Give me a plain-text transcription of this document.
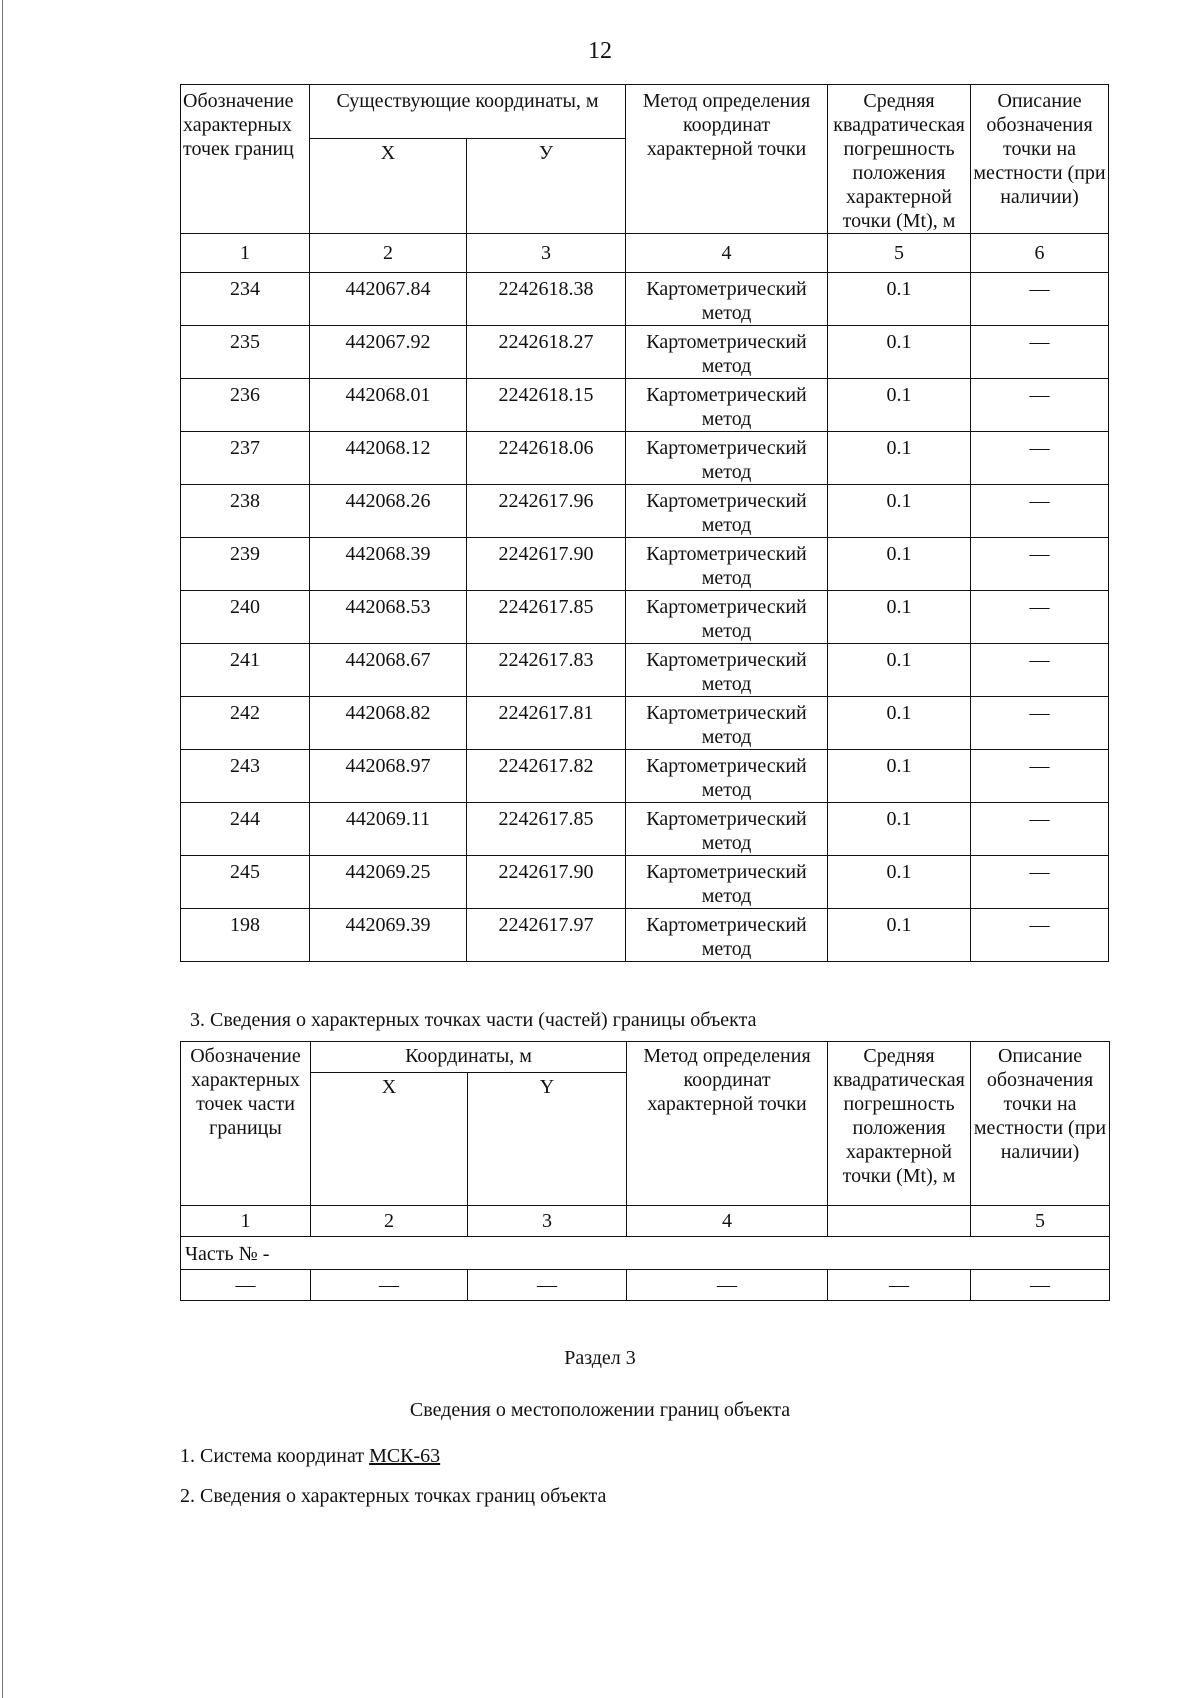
12
Обозначение характерных точек границ	Существующие координаты, м		Метод определения координат характерной точки	Средняя квадратическая погрешность положения характерной точки (Mt), м	Описание обозначения точки на местности (при наличии)
	Х	У			
1	2	3	4	5	6
234	442067.84	2242618.38	Картометрический метод	0.1	—
235	442067.92	2242618.27	Картометрический метод	0.1	—
236	442068.01	2242618.15	Картометрический метод	0.1	—
237	442068.12	2242618.06	Картометрический метод	0.1	—
238	442068.26	2242617.96	Картометрический метод	0.1	—
239	442068.39	2242617.90	Картометрический метод	0.1	—
240	442068.53	2242617.85	Картометрический метод	0.1	—
241	442068.67	2242617.83	Картометрический метод	0.1	—
242	442068.82	2242617.81	Картометрический метод	0.1	—
243	442068.97	2242617.82	Картометрический метод	0.1	—
244	442069.11	2242617.85	Картометрический метод	0.1	—
245	442069.25	2242617.90	Картометрический метод	0.1	—
198	442069.39	2242617.97	Картометрический метод	0.1	—
3. Сведения о характерных точках части (частей) границы объекта
Обозначение характерных точек части границы	Координаты, м		Метод определения координат характерной точки	Средняя квадратическая погрешность положения характерной точки (Mt), м	Описание обозначения точки на местности (при наличии)
	X	Y			
1	2	3	4		5
Часть № -					
—	—	—	—	—	—
Раздел 3
Сведения о местоположении границ объекта
1. Система координат МСК-63
2. Сведения о характерных точках границ объекта
